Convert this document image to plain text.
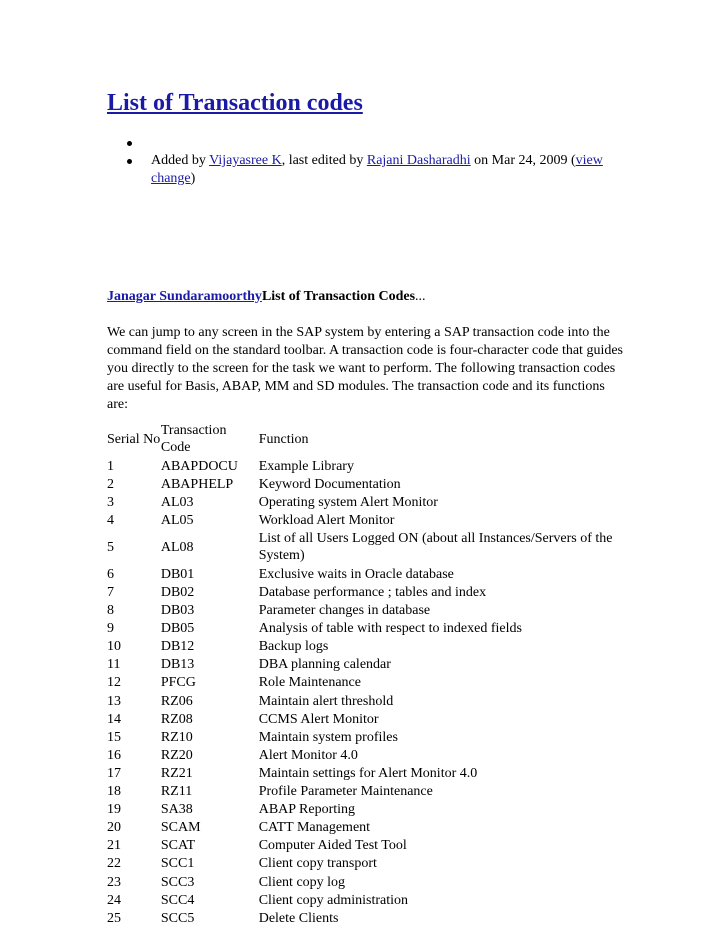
List of Transaction codes
Added by Vijayasree K, last edited by Rajani Dasharadhi on Mar 24, 2009 (view change)
Janagar SundaramoorthyList of Transaction Codes...

We can jump to any screen in the SAP system by entering a SAP transaction code into the command field on the standard toolbar. A transaction code is four-character code that guides you directly to the screen for the task we want to perform. The following transaction codes are useful for Basis, ABAP, MM and SD modules. The transaction code and its functions are:

Serial No	Transaction Code	Function
1	ABAPDOCU	Example Library
2	ABAPHELP	Keyword Documentation
3	AL03	Operating system Alert Monitor
4	AL05	Workload Alert Monitor
5	AL08	List of all Users Logged ON (about all Instances/Servers of the System)
6	DB01	Exclusive waits in Oracle database
7	DB02	Database performance ; tables and index
8	DB03	Parameter changes in database
9	DB05	Analysis of table with respect to indexed fields
10	DB12	Backup logs
11	DB13	DBA planning calendar
12	PFCG	Role Maintenance
13	RZ06	Maintain alert threshold
14	RZ08	CCMS Alert Monitor
15	RZ10	Maintain system profiles
16	RZ20	Alert Monitor 4.0
17	RZ21	Maintain settings for Alert Monitor 4.0
18	RZ11	Profile Parameter Maintenance
19	SA38	ABAP Reporting
20	SCAM	CATT Management
21	SCAT	Computer Aided Test Tool
22	SCC1	Client copy transport
23	SCC3	Client copy log
24	SCC4	Client copy administration
25	SCC5	Delete Clients
